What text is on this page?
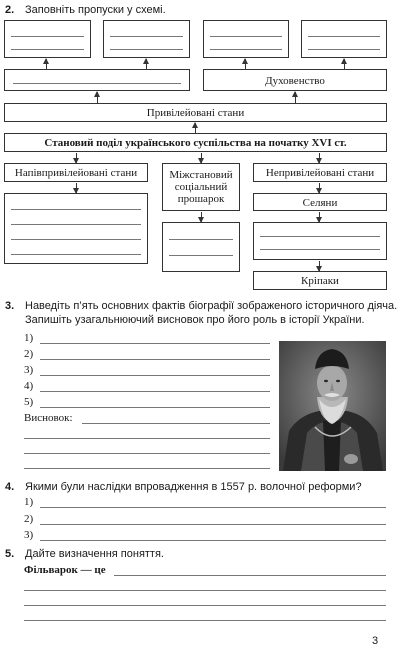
2. Заповніть пропуски у схемі.
Духовенство
Привілейовані стани
Становий поділ українського суспільства на початку XVI ст.
Напівпривілейовані стани	Міжстановий соціальний прошарок
Непривілейовані стани
Селяни
Кріпаки
3. Наведіть п’ять основних фактів біографії зображеного історичного діяча.
Запишіть узагальнюючий висновок про його роль в історії України.
1)
2)
3)
4)
5)
Висновок:
4. Якими були наслідки впровадження в 1557 р. волочної реформи?
1)
2)
3)
5. Дайте визначення поняття.
Фільварок — це
3
